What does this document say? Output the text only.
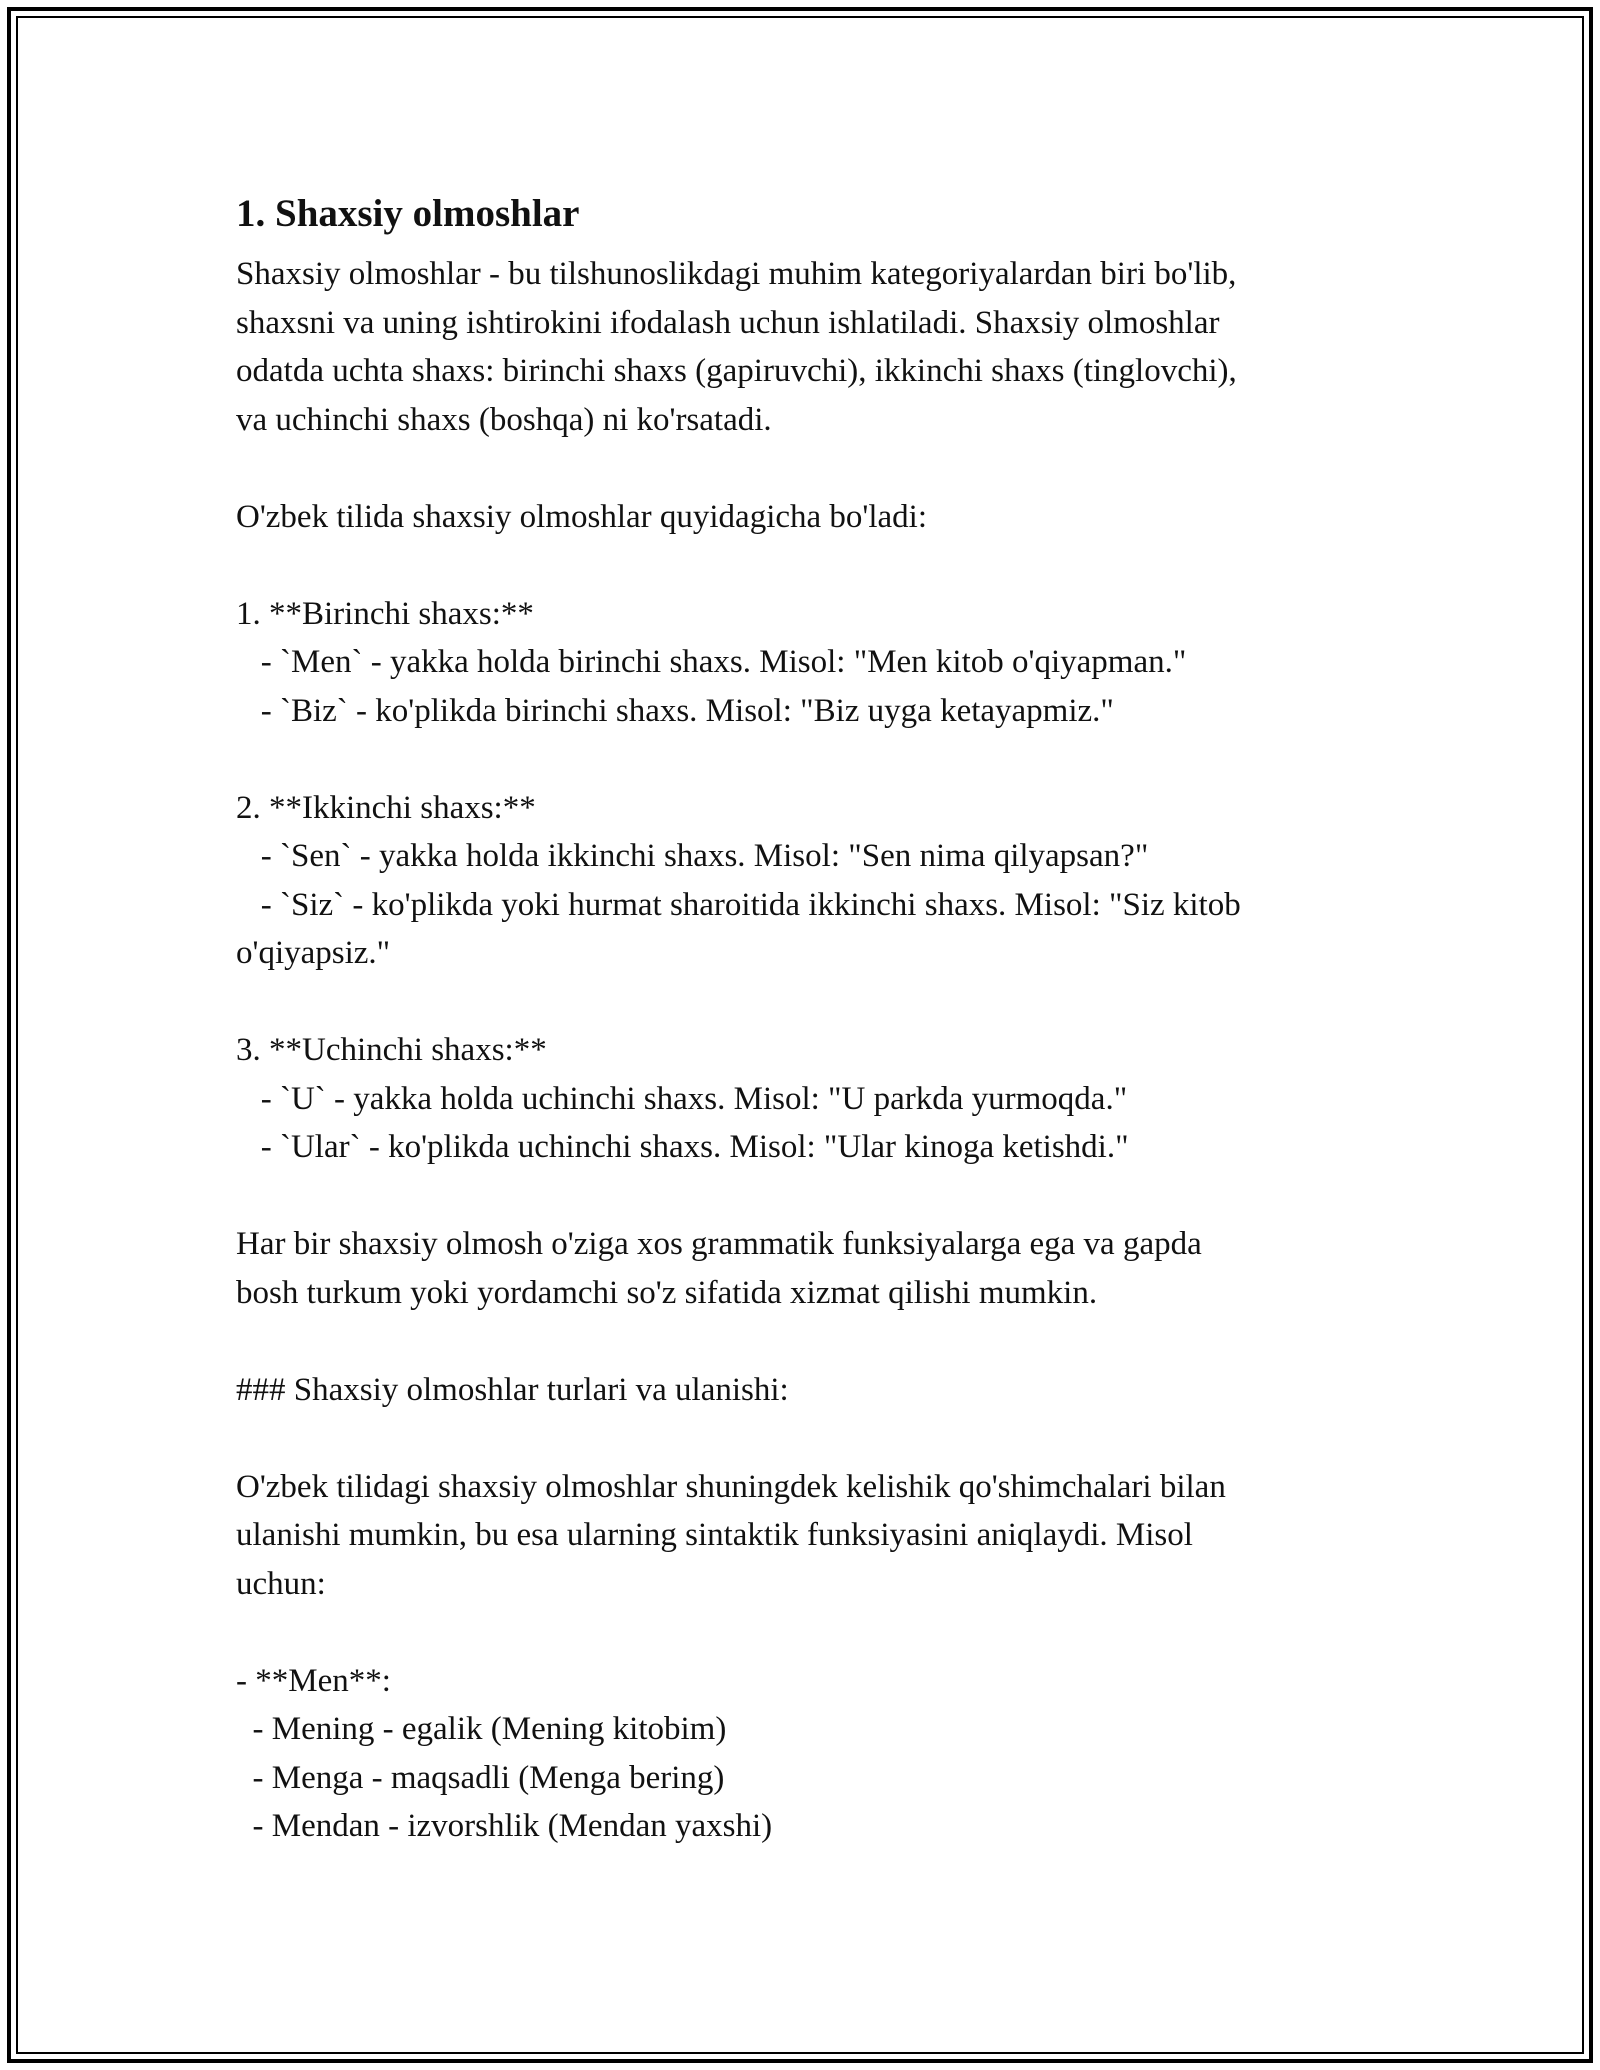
1. Shaxsiy olmoshlar
Shaxsiy olmoshlar - bu tilshunoslikdagi muhim kategoriyalardan biri bo'lib,
shaxsni va uning ishtirokini ifodalash uchun ishlatiladi. Shaxsiy olmoshlar
odatda uchta shaxs: birinchi shaxs (gapiruvchi), ikkinchi shaxs (tinglovchi),
va uchinchi shaxs (boshqa) ni ko'rsatadi.
O'zbek tilida shaxsiy olmoshlar quyidagicha bo'ladi:
1. **Birinchi shaxs:**
- `Men` - yakka holda birinchi shaxs. Misol: "Men kitob o'qiyapman."
- `Biz` - ko'plikda birinchi shaxs. Misol: "Biz uyga ketayapmiz."
2. **Ikkinchi shaxs:**
- `Sen` - yakka holda ikkinchi shaxs. Misol: "Sen nima qilyapsan?"
- `Siz` - ko'plikda yoki hurmat sharoitida ikkinchi shaxs. Misol: "Siz kitob
o'qiyapsiz."
3. **Uchinchi shaxs:**
- `U` - yakka holda uchinchi shaxs. Misol: "U parkda yurmoqda."
- `Ular` - ko'plikda uchinchi shaxs. Misol: "Ular kinoga ketishdi."
Har bir shaxsiy olmosh o'ziga xos grammatik funksiyalarga ega va gapda
bosh turkum yoki yordamchi so'z sifatida xizmat qilishi mumkin.
### Shaxsiy olmoshlar turlari va ulanishi:
O'zbek tilidagi shaxsiy olmoshlar shuningdek kelishik qo'shimchalari bilan
ulanishi mumkin, bu esa ularning sintaktik funksiyasini aniqlaydi. Misol
uchun:
- **Men**:
- Mening - egalik (Mening kitobim)
- Menga - maqsadli (Menga bering)
- Mendan - izvorshlik (Mendan yaxshi)
